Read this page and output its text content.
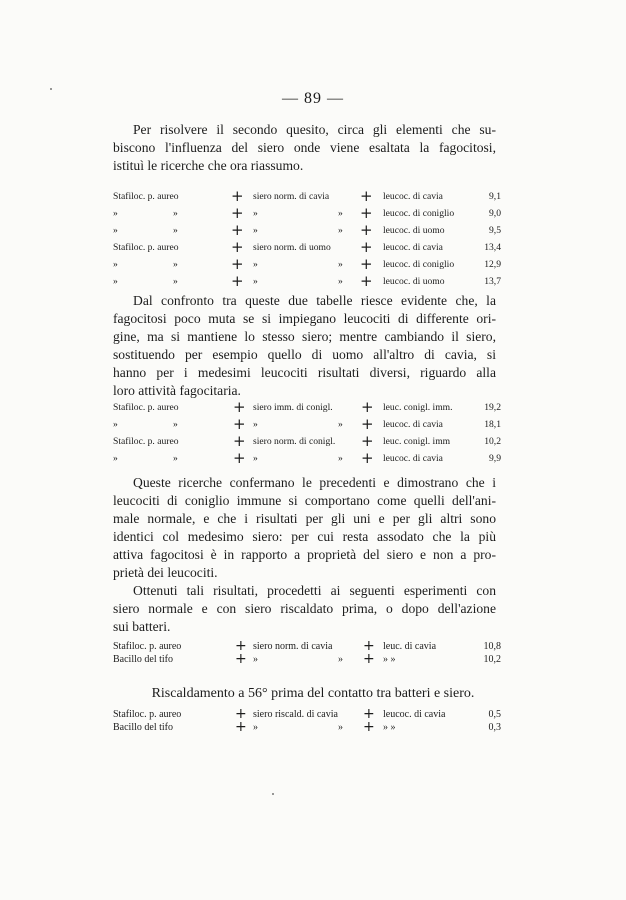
— 89 —
Per risolvere il secondo quesito, circa gli elementi che su-
biscono l'influenza del siero onde viene esaltata la fagocitosi,
istituì le ricerche che ora riassumo.
Stafiloc. p. aureo	+ siero norm. di cavia + leucoc. di cavia	9,1
»	»	+ »	» + leucoc. di coniglio	9,0
»	»	+ »	» + leucoc. di uomo	9,5
Stafiloc. p. aureo	+ siero norm. di uomo + leucoc. di cavia	13,4
»	»	+ »	» + leucoc. di coniglio	12,9
»	»	+ »	» + leucoc. di uomo	13,7
Dal confronto tra queste due tabelle riesce evidente che, la
fagocitosi poco muta se si impiegano leucociti di differente ori-
gine, ma si mantiene lo stesso siero; mentre cambiando il siero,
sostituendo per esempio quello di uomo all'altro di cavia, si
hanno per i medesimi leucociti risultati diversi, riguardo alla
loro attività fagocitaria.
Stafiloc. p. aureo	+ siero imm. di conigl. + leuc. conigl. imm.	19,2
»	»	+ »	» + leucoc. di cavia	18,1
Stafiloc. p. aureo	+ siero norm. di conigl. + leuc. conigl. imm	10,2
»	»	+ »	» + leucoc. di cavia	9,9
Queste ricerche confermano le precedenti e dimostrano che i
leucociti di coniglio immune si comportano come quelli dell'ani-
male normale, e che i risultati per gli uni e per gli altri sono
identici col medesimo siero: per cui resta assodato che la più
attiva fagocitosi è in rapporto a proprietà del siero e non a pro-
prietà dei leucociti.
Ottenuti tali risultati, procedetti ai seguenti esperimenti con
siero normale e con siero riscaldato prima, o dopo dell'azione
sui batteri.
Stafiloc. p. aureo	+ siero norm. di cavia + leuc. di cavia	10,8
Bacillo del tifo	+ »	» + » »	10,2
Riscaldamento a 56° prima del contatto tra batteri e siero.
Stafiloc. p. aureo	+ siero riscald. di cavia + leucoc. di cavia	0,5
Bacillo del tifo	+ »	» + » »	0,3
